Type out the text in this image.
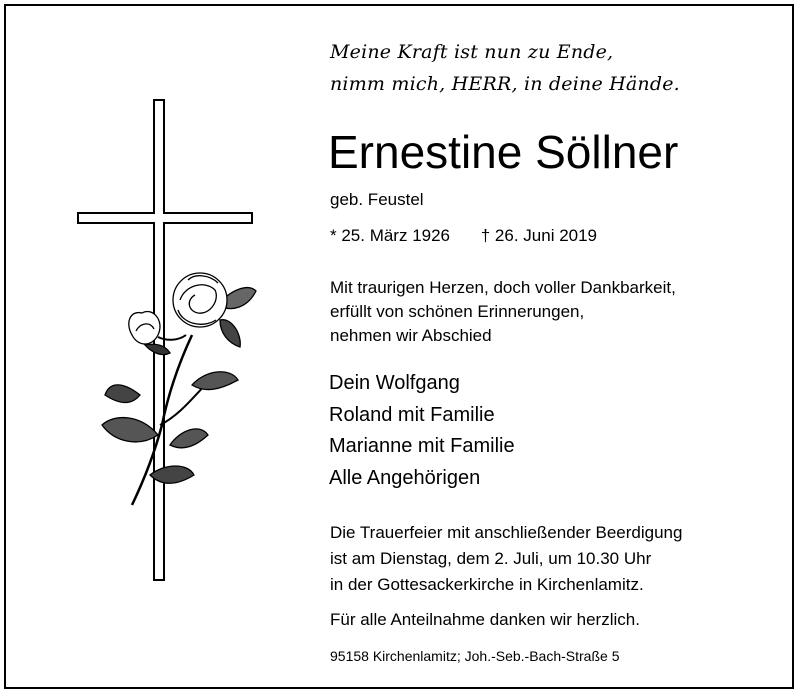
Meine Kraft ist nun zu Ende,
nimm mich, HERR, in deine Hände.
Ernestine Söllner
geb. Feustel
* 25. März 1926 † 26. Juni 2019
Mit traurigen Herzen, doch voller Dankbarkeit,
erfüllt von schönen Erinnerungen,
nehmen wir Abschied
Dein Wolfgang
Roland mit Familie
Marianne mit Familie
Alle Angehörigen
Die Trauerfeier mit anschließender Beerdigung
ist am Dienstag, dem 2. Juli, um 10.30 Uhr
in der Gottesackerkirche in Kirchenlamitz.
Für alle Anteilnahme danken wir herzlich.
95158 Kirchenlamitz; Joh.-Seb.-Bach-Straße 5
